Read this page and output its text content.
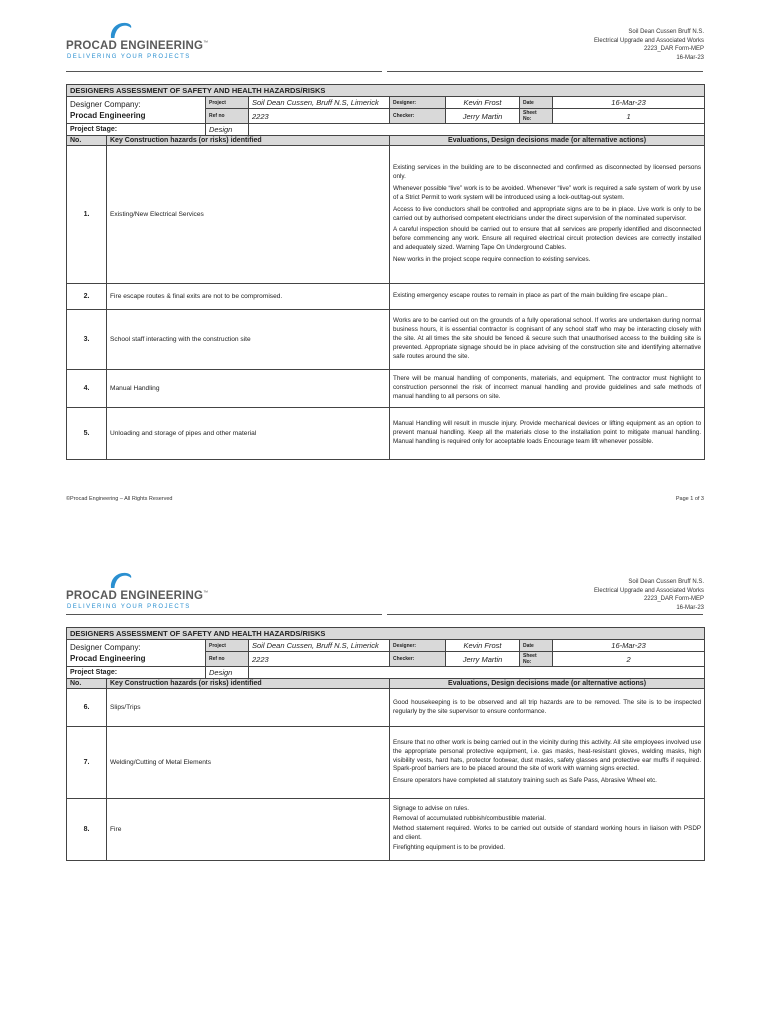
PROCAD ENGINEERING™
DELIVERING YOUR PROJECTS
Soil Dean Cussen Bruff N.S.
Electrical Upgrade and Associated Works
2223_DAR Form-MEP
16-Mar-23
DESIGNERS ASSESSMENT OF SAFETY AND HEALTH HAZARDS/RISKS							

Designer Company:
Procad Engineering		Project	Soil Dean Cussen, Bruff N.S, Limerick	Designer:	Kevin Frost	Date	16-Mar-23
		Ref no	2223	Checker:	Jerry Martin	Sheet
No:	1
Project Stage:		Design					
No.	Key Construction hazards (or risks) identified			Evaluations, Design decisions made (or alternative actions)			
1.	Existing/New Electrical Services			Existing services in the building are to be disconnected and confirmed as disconnected by licensed persons only.

Whenever possible “live” work is to be avoided. Whenever “live” work is required a safe system of work by use of a Strict Permit to work system will be introduced using a lock-out/tag-out system.

Access to live conductors shall be controlled and appropriate signs are to be in place. Live work is only to be carried out by authorised competent electricians under the direct supervision of the nominated supervisor.

A careful inspection should be carried out to ensure that all services are properly identified and disconnected before commencing any work. Ensure all required electrical circuit protection devices are correctly installed and adequately sized. Warning Tape On Underground Cables.

New works in the project scope require connection to existing services.			

2.	Fire escape routes & final exits are not to be compromised.			Existing emergency escape routes to remain in place as part of the main building fire escape plan..			

3.	School staff interacting with the construction site			Works are to be carried out on the grounds of a fully operational school. If works are undertaken during normal business hours, it is essential contractor is cognisant of any school staff who may be interacting closely with the site. At all times the site should be fenced & secure such that unauthorised access to the building site is prevented. Appropriate signage should be in place advising of the construction site and identifying alternative safe routes around the site.			

4.	Manual Handling			There will be manual handling of components, materials, and equipment. The contractor must highlight to construction personnel the risk of incorrect manual handling and provide guidelines and safe methods of manual handling to all persons on site.			

5.	Unloading and storage of pipes and other material			Manual Handling will result in muscle injury. Provide mechanical devices or lifting equipment as an option to prevent manual handling. Keep all the materials close to the installation point to mitigate manual handling. Manual handling is required only for acceptable loads Encourage team lift whenever possible.			

©Procad Engineering – All Rights Reserved	Page 1 of 3
PROCAD ENGINEERING™
DELIVERING YOUR PROJECTS
Soil Dean Cussen Bruff N.S.
Electrical Upgrade and Associated Works
2223_DAR Form-MEP
16-Mar-23
DESIGNERS ASSESSMENT OF SAFETY AND HEALTH HAZARDS/RISKS							

Designer Company:
Procad Engineering		Project	Soil Dean Cussen, Bruff N.S, Limerick	Designer:	Kevin Frost	Date	16-Mar-23
		Ref no	2223	Checker:	Jerry Martin	Sheet
No:	2
Project Stage:		Design					
No.	Key Construction hazards (or risks) identified			Evaluations, Design decisions made (or alternative actions)			
6.	Slips/Trips			Good housekeeping is to be observed and all trip hazards are to be removed. The site is to be inspected regularly by the site supervisor to ensure conformance.			

7.	Welding/Cutting of Metal Elements			Ensure that no other work is being carried out in the vicinity during this activity. All site employees involved use the appropriate personal protective equipment, i.e. gas masks, heat-resistant gloves, welding masks, high visibility vests, hard hats, protector footwear, dust masks, safety glasses and protective ear muffs if required. Spark-proof barriers are to be placed around the site of work with warning signs erected.

Ensure operators have completed all statutory training such as Safe Pass, Abrasive Wheel etc.			

8.	Fire			Signage to advise on rules.

Removal of accumulated rubbish/combustible material.

Method statement required. Works to be carried out outside of standard working hours in liaison with PSDP and client.

Firefighting equipment is to be provided.			
